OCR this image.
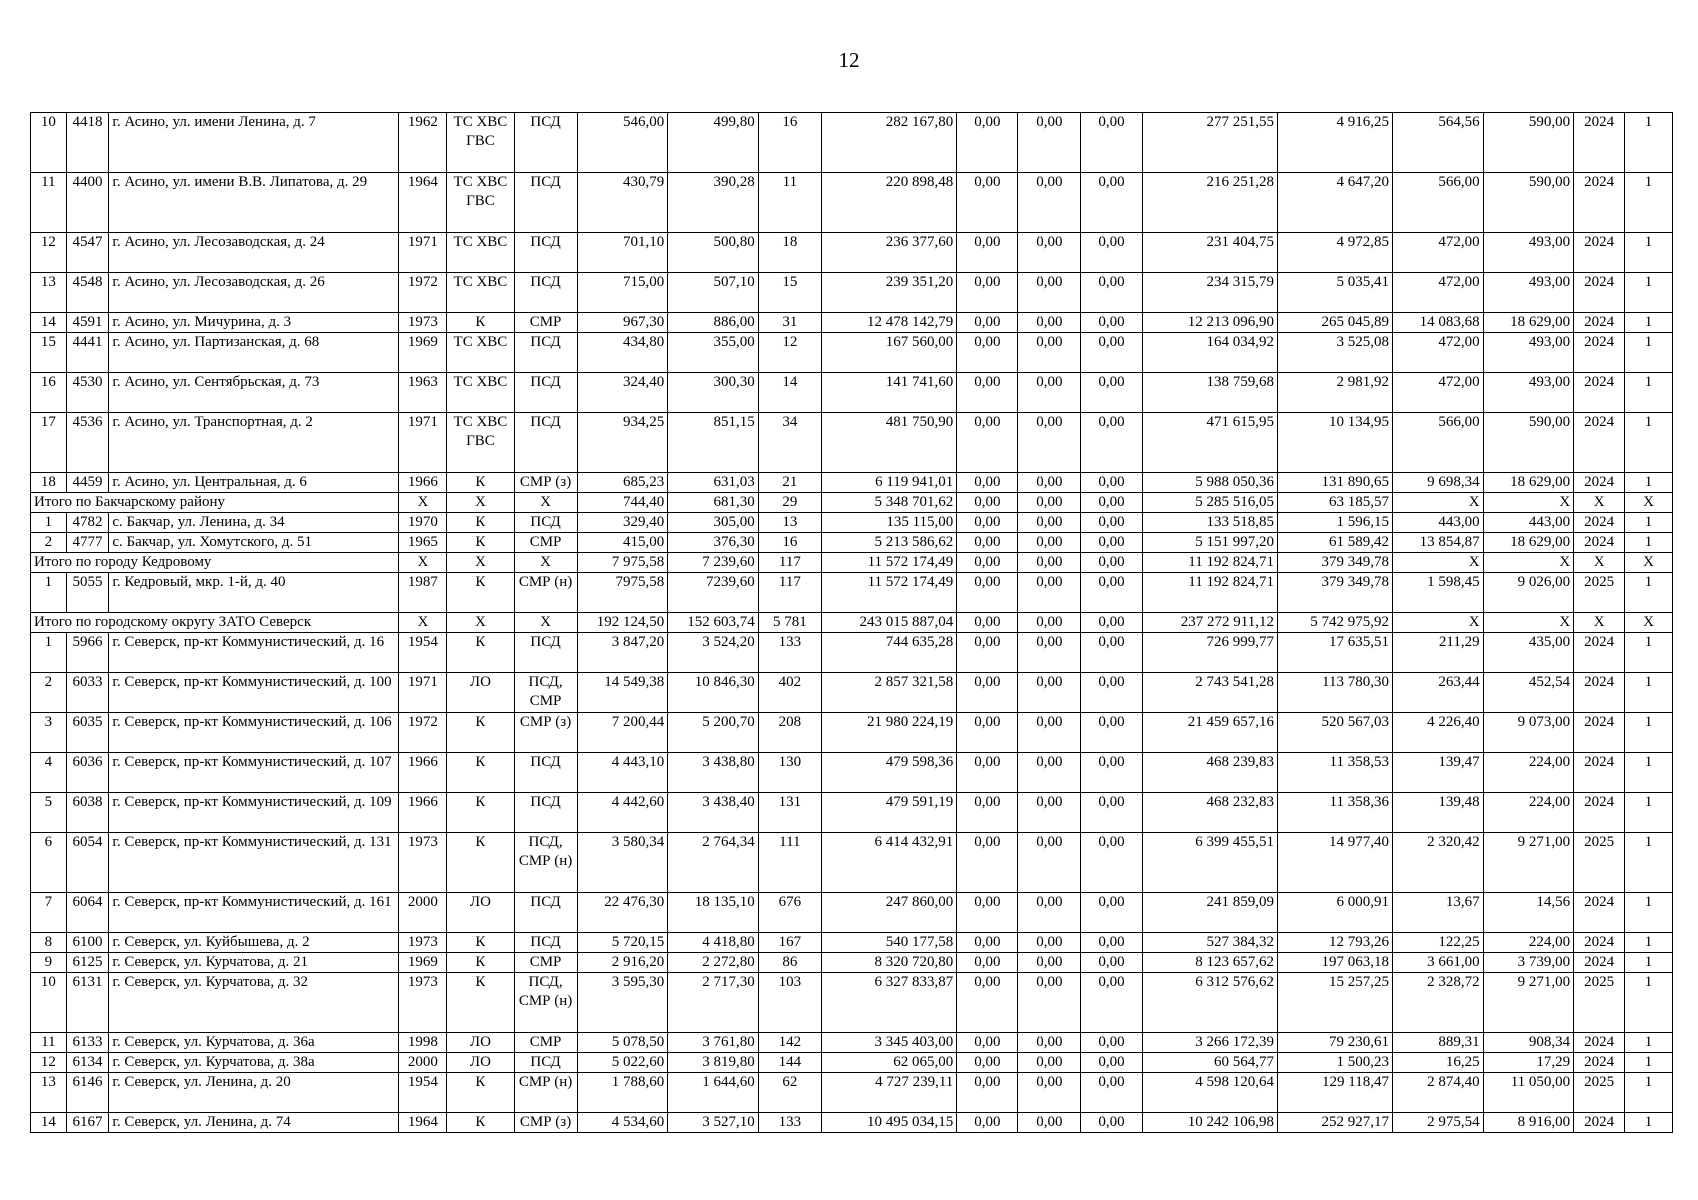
12
10	4418	г. Асино, ул. имени Ленина, д. 7	1962	ТС ХВС ГВС	ПСД	546,00	499,80	16	282 167,80	0,00	0,00	0,00	277 251,55	4 916,25	564,56	590,00	2024	1
11	4400	г. Асино, ул. имени В.В. Липатова, д. 29	1964	ТС ХВС ГВС	ПСД	430,79	390,28	11	220 898,48	0,00	0,00	0,00	216 251,28	4 647,20	566,00	590,00	2024	1
12	4547	г. Асино, ул. Лесозаводская, д. 24	1971	ТС ХВС	ПСД	701,10	500,80	18	236 377,60	0,00	0,00	0,00	231 404,75	4 972,85	472,00	493,00	2024	1
13	4548	г. Асино, ул. Лесозаводская, д. 26	1972	ТС ХВС	ПСД	715,00	507,10	15	239 351,20	0,00	0,00	0,00	234 315,79	5 035,41	472,00	493,00	2024	1
14	4591	г. Асино, ул. Мичурина, д. 3	1973	К	СМР	967,30	886,00	31	12 478 142,79	0,00	0,00	0,00	12 213 096,90	265 045,89	14 083,68	18 629,00	2024	1
15	4441	г. Асино, ул. Партизанская, д. 68	1969	ТС ХВС	ПСД	434,80	355,00	12	167 560,00	0,00	0,00	0,00	164 034,92	3 525,08	472,00	493,00	2024	1
16	4530	г. Асино, ул. Сентябрьская, д. 73	1963	ТС ХВС	ПСД	324,40	300,30	14	141 741,60	0,00	0,00	0,00	138 759,68	2 981,92	472,00	493,00	2024	1
17	4536	г. Асино, ул. Транспортная, д. 2	1971	ТС ХВС ГВС	ПСД	934,25	851,15	34	481 750,90	0,00	0,00	0,00	471 615,95	10 134,95	566,00	590,00	2024	1
18	4459	г. Асино, ул. Центральная, д. 6	1966	К	СМР (з)	685,23	631,03	21	6 119 941,01	0,00	0,00	0,00	5 988 050,36	131 890,65	9 698,34	18 629,00	2024	1
Итого по Бакчарскому району			X	X	X	744,40	681,30	29	5 348 701,62	0,00	0,00	0,00	5 285 516,05	63 185,57	X	X	X	X
1	4782	с. Бакчар, ул. Ленина, д. 34	1970	К	ПСД	329,40	305,00	13	135 115,00	0,00	0,00	0,00	133 518,85	1 596,15	443,00	443,00	2024	1
2	4777	с. Бакчар, ул. Хомутского, д. 51	1965	К	СМР	415,00	376,30	16	5 213 586,62	0,00	0,00	0,00	5 151 997,20	61 589,42	13 854,87	18 629,00	2024	1
Итого по городу Кедровому			X	X	X	7 975,58	7 239,60	117	11 572 174,49	0,00	0,00	0,00	11 192 824,71	379 349,78	X	X	X	X
1	5055	г. Кедровый, мкр. 1-й, д. 40	1987	К	СМР (н)	7975,58	7239,60	117	11 572 174,49	0,00	0,00	0,00	11 192 824,71	379 349,78	1 598,45	9 026,00	2025	1
Итого по городскому округу ЗАТО Северск			X	X	X	192 124,50	152 603,74	5 781	243 015 887,04	0,00	0,00	0,00	237 272 911,12	5 742 975,92	X	X	X	X
1	5966	г. Северск, пр-кт Коммунистический, д. 16	1954	К	ПСД	3 847,20	3 524,20	133	744 635,28	0,00	0,00	0,00	726 999,77	17 635,51	211,29	435,00	2024	1
2	6033	г. Северск, пр-кт Коммунистический, д. 100	1971	ЛО	ПСД, СМР	14 549,38	10 846,30	402	2 857 321,58	0,00	0,00	0,00	2 743 541,28	113 780,30	263,44	452,54	2024	1
3	6035	г. Северск, пр-кт Коммунистический, д. 106	1972	К	СМР (з)	7 200,44	5 200,70	208	21 980 224,19	0,00	0,00	0,00	21 459 657,16	520 567,03	4 226,40	9 073,00	2024	1
4	6036	г. Северск, пр-кт Коммунистический, д. 107	1966	К	ПСД	4 443,10	3 438,80	130	479 598,36	0,00	0,00	0,00	468 239,83	11 358,53	139,47	224,00	2024	1
5	6038	г. Северск, пр-кт Коммунистический, д. 109	1966	К	ПСД	4 442,60	3 438,40	131	479 591,19	0,00	0,00	0,00	468 232,83	11 358,36	139,48	224,00	2024	1
6	6054	г. Северск, пр-кт Коммунистический, д. 131	1973	К	ПСД, СМР (н)	3 580,34	2 764,34	111	6 414 432,91	0,00	0,00	0,00	6 399 455,51	14 977,40	2 320,42	9 271,00	2025	1
7	6064	г. Северск, пр-кт Коммунистический, д. 161	2000	ЛО	ПСД	22 476,30	18 135,10	676	247 860,00	0,00	0,00	0,00	241 859,09	6 000,91	13,67	14,56	2024	1
8	6100	г. Северск, ул. Куйбышева, д. 2	1973	К	ПСД	5 720,15	4 418,80	167	540 177,58	0,00	0,00	0,00	527 384,32	12 793,26	122,25	224,00	2024	1
9	6125	г. Северск, ул. Курчатова, д. 21	1969	К	СМР	2 916,20	2 272,80	86	8 320 720,80	0,00	0,00	0,00	8 123 657,62	197 063,18	3 661,00	3 739,00	2024	1
10	6131	г. Северск, ул. Курчатова, д. 32	1973	К	ПСД, СМР (н)	3 595,30	2 717,30	103	6 327 833,87	0,00	0,00	0,00	6 312 576,62	15 257,25	2 328,72	9 271,00	2025	1
11	6133	г. Северск, ул. Курчатова, д. 36а	1998	ЛО	СМР	5 078,50	3 761,80	142	3 345 403,00	0,00	0,00	0,00	3 266 172,39	79 230,61	889,31	908,34	2024	1
12	6134	г. Северск, ул. Курчатова, д. 38а	2000	ЛО	ПСД	5 022,60	3 819,80	144	62 065,00	0,00	0,00	0,00	60 564,77	1 500,23	16,25	17,29	2024	1
13	6146	г. Северск, ул. Ленина, д. 20	1954	К	СМР (н)	1 788,60	1 644,60	62	4 727 239,11	0,00	0,00	0,00	4 598 120,64	129 118,47	2 874,40	11 050,00	2025	1
14	6167	г. Северск, ул. Ленина, д. 74	1964	К	СМР (з)	4 534,60	3 527,10	133	10 495 034,15	0,00	0,00	0,00	10 242 106,98	252 927,17	2 975,54	8 916,00	2024	1
